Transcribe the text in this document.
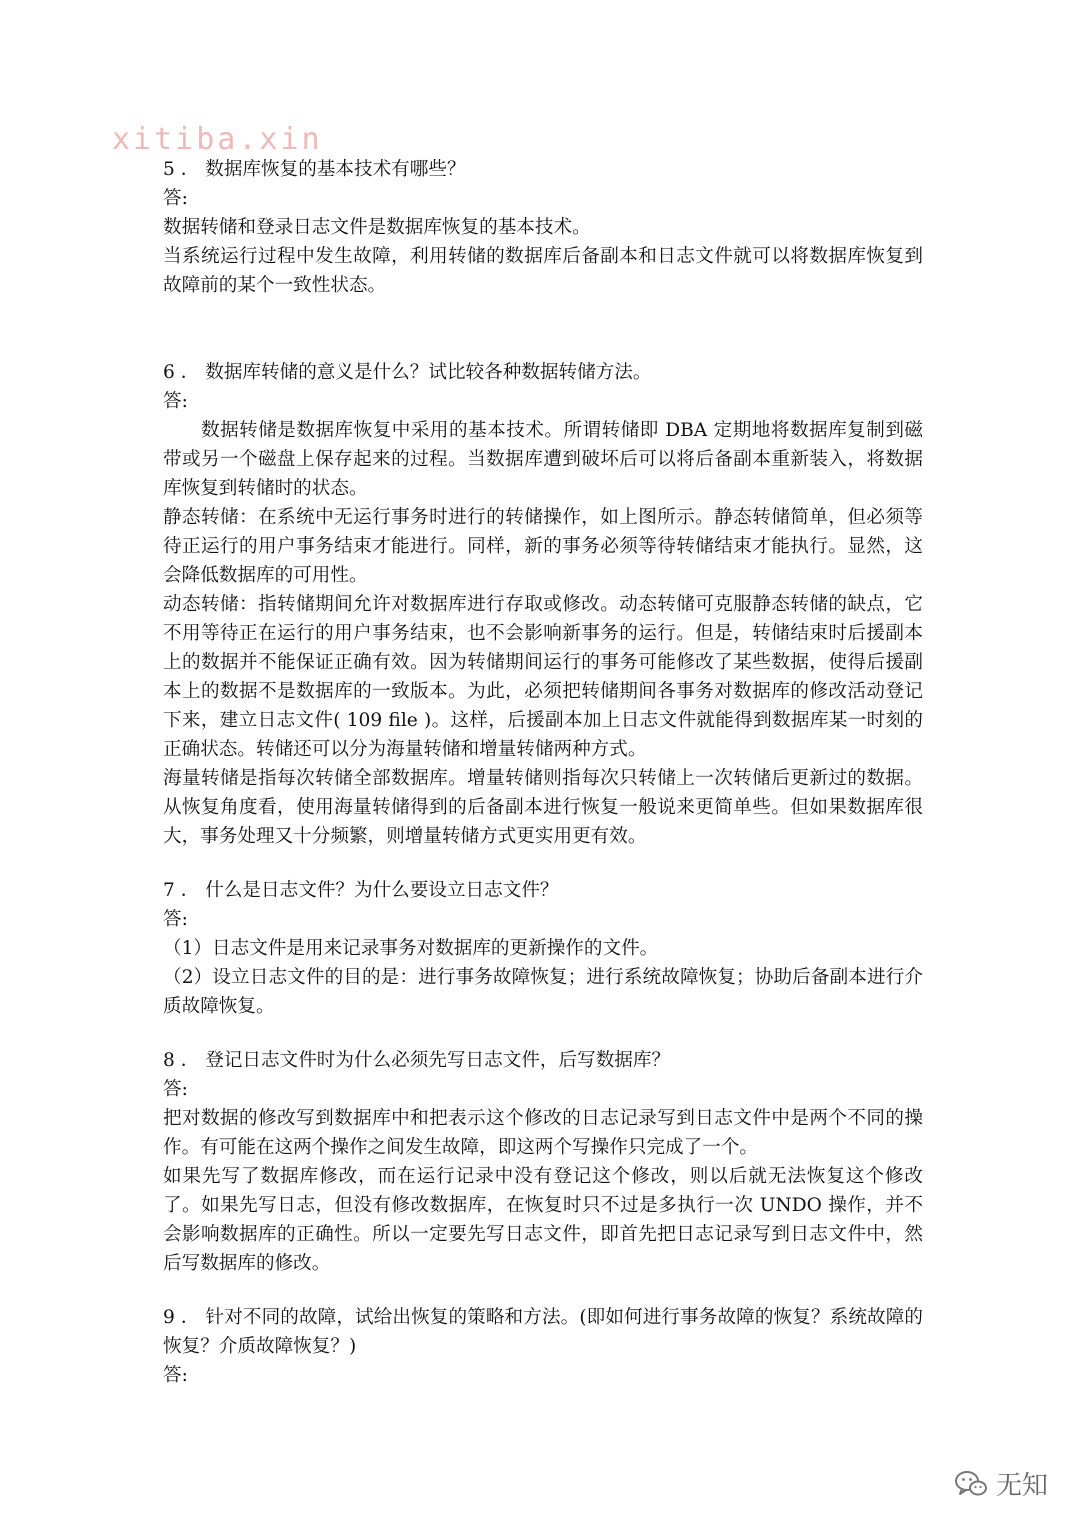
xitiba.xin

5 ． 数据库恢复的基本技术有哪些？

答:

数据转储和登录日志文件是数据库恢复的基本技术。

当系统运行过程中发生故障，利用转储的数据库后备副本和日志文件就可以将数据库恢复到故障前的某个一致性状态。

6 ． 数据库转储的意义是什么？试比较各种数据转储方法。

答:

数据转储是数据库恢复中采用的基本技术。所谓转储即 DBA 定期地将数据库复制到磁带或另一个磁盘上保存起来的过程。当数据库遭到破坏后可以将后备副本重新装入，将数据库恢复到转储时的状态。

静态转储：在系统中无运行事务时进行的转储操作，如上图所示。静态转储简单，但必须等待正运行的用户事务结束才能进行。同样，新的事务必须等待转储结束才能执行。显然，这会降低数据库的可用性。

动态转储：指转储期间允许对数据库进行存取或修改。动态转储可克服静态转储的缺点，它不用等待正在运行的用户事务结束，也不会影响新事务的运行。但是，转储结束时后援副本上的数据并不能保证正确有效。因为转储期间运行的事务可能修改了某些数据，使得后援副本上的数据不是数据库的一致版本。为此，必须把转储期间各事务对数据库的修改活动登记下来，建立日志文件( 109 file )。这样，后援副本加上日志文件就能得到数据库某一时刻的正确状态。转储还可以分为海量转储和增量转储两种方式。

海量转储是指每次转储全部数据库。增量转储则指每次只转储上一次转储后更新过的数据。从恢复角度看，使用海量转储得到的后备副本进行恢复一般说来更简单些。但如果数据库很大，事务处理又十分频繁，则增量转储方式更实用更有效。

7 ． 什么是日志文件？为什么要设立日志文件？

答:

（1）日志文件是用来记录事务对数据库的更新操作的文件。

（2）设立日志文件的目的是：进行事务故障恢复；进行系统故障恢复；协助后备副本进行介质故障恢复。

8 ． 登记日志文件时为什么必须先写日志文件，后写数据库？

答:

把对数据的修改写到数据库中和把表示这个修改的日志记录写到日志文件中是两个不同的操作。有可能在这两个操作之间发生故障，即这两个写操作只完成了一个。

如果先写了数据库修改，而在运行记录中没有登记这个修改，则以后就无法恢复这个修改了。如果先写日志，但没有修改数据库，在恢复时只不过是多执行一次 UNDO 操作，并不会影响数据库的正确性。所以一定要先写日志文件，即首先把日志记录写到日志文件中，然后写数据库的修改。

9 ． 针对不同的故障，试给出恢复的策略和方法。(即如何进行事务故障的恢复？系统故障的恢复？介质故障恢复？)

答:

无知
